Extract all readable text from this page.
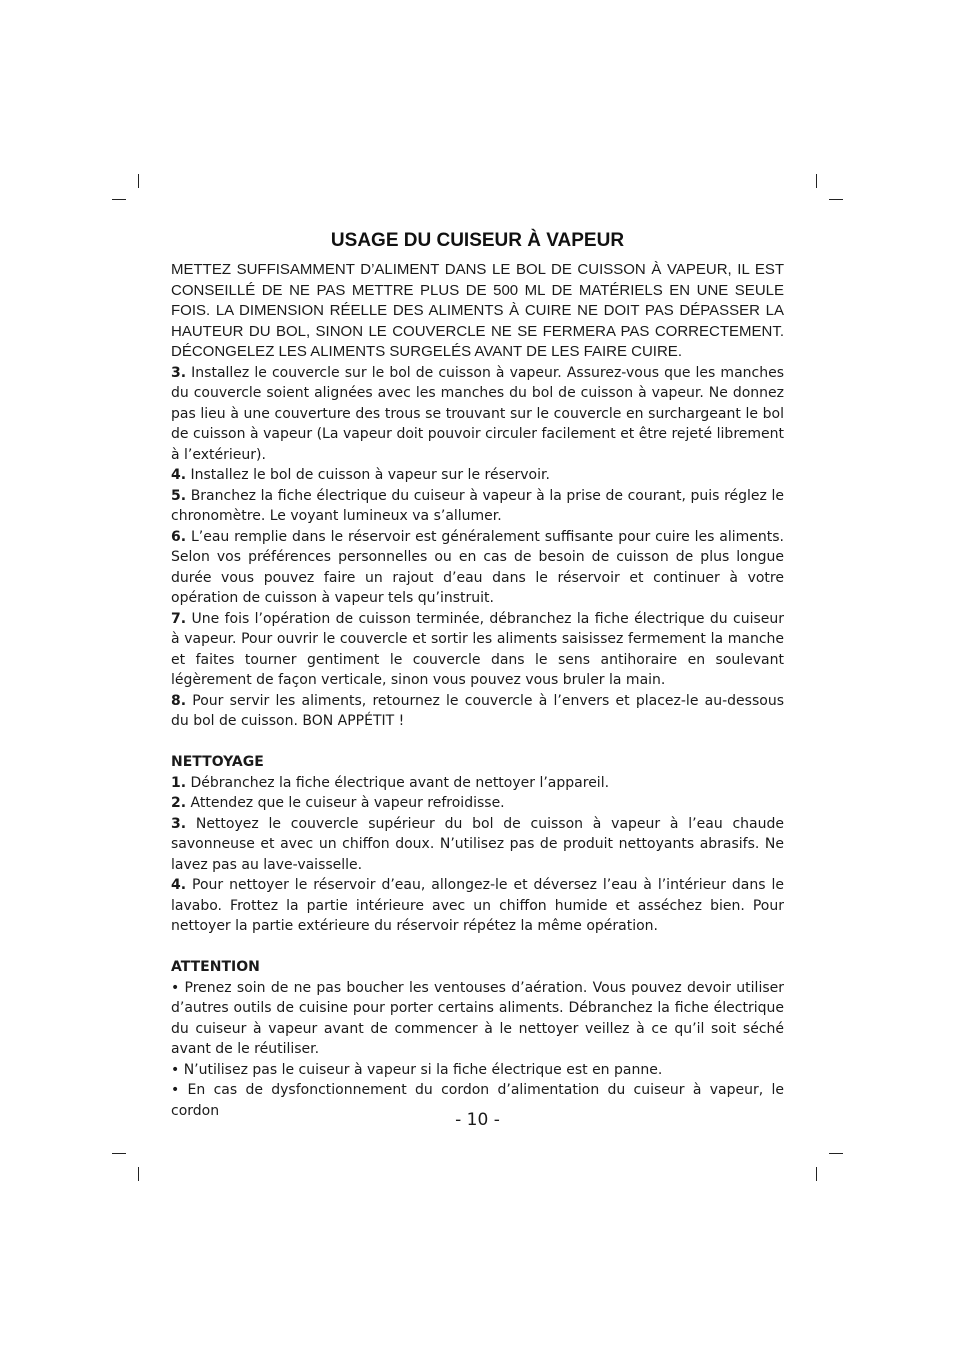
USAGE DU CUISEUR À VAPEUR

METTEZ SUFFISAMMENT D’ALIMENT DANS LE BOL DE CUISSON À VAPEUR, IL EST CONSEILLÉ DE NE PAS METTRE PLUS DE 500 ML DE MATÉRIELS EN UNE SEULE FOIS. LA DIMENSION RÉELLE DES ALIMENTS À CUIRE NE DOIT PAS DÉPASSER LA HAUTEUR DU BOL, SINON LE COUVERCLE NE SE FERMERA PAS CORRECTEMENT. DÉCONGELEZ LES ALIMENTS SURGELÉS AVANT DE LES FAIRE CUIRE.

3. Installez le couvercle sur le bol de cuisson à vapeur. Assurez-vous que les manches du couvercle soient alignées avec les manches du bol de cuisson à vapeur. Ne donnez pas lieu à une couverture des trous se trouvant sur le couvercle en surchargeant le bol de cuisson à vapeur (La vapeur doit pouvoir circuler facilement et être rejeté librement à l’extérieur).

4. Installez le bol de cuisson à vapeur sur le réservoir.

5. Branchez la fiche électrique du cuiseur à vapeur à la prise de courant, puis réglez le chronomètre. Le voyant lumineux va s’allumer.

6. L’eau remplie dans le réservoir est généralement suffisante pour cuire les aliments. Selon vos préférences personnelles ou en cas de besoin de cuisson de plus longue durée vous pouvez faire un rajout d’eau dans le réservoir et continuer à votre opération de cuisson à vapeur tels qu’instruit.

7. Une fois l’opération de cuisson terminée, débranchez la fiche électrique du cuiseur à vapeur. Pour ouvrir le couvercle et sortir les aliments saisissez fermement la manche et faites tourner gentiment le couvercle dans le sens antihoraire en soulevant légèrement de façon verticale, sinon vous pouvez vous bruler la main.

8. Pour servir les aliments, retournez le couvercle à l’envers et placez-le au-dessous du bol de cuisson. BON APPÉTIT !

NETTOYAGE

1. Débranchez la fiche électrique avant de nettoyer l’appareil.

2. Attendez que le cuiseur à vapeur refroidisse.

3. Nettoyez le couvercle supérieur du bol de cuisson à vapeur à l’eau chaude savonneuse et avec un chiffon doux. N’utilisez pas de produit nettoyants abrasifs. Ne lavez pas au lave-vaisselle.

4. Pour nettoyer le réservoir d’eau, allongez-le et déversez l’eau à l’intérieur dans le lavabo. Frottez la partie intérieure avec un chiffon humide et asséchez bien. Pour nettoyer la partie extérieure du réservoir répétez la même opération.

ATTENTION

• Prenez soin de ne pas boucher les ventouses d’aération. Vous pouvez devoir utiliser d’autres outils de cuisine pour porter certains aliments. Débranchez la fiche électrique du cuiseur à vapeur avant de commencer à le nettoyer veillez à ce qu’il soit séché avant de le réutiliser.

• N’utilisez pas le cuiseur à vapeur si la fiche électrique est en panne.

• En cas de dysfonctionnement du cordon d’alimentation du cuiseur à vapeur, le cordon	- 10 -
